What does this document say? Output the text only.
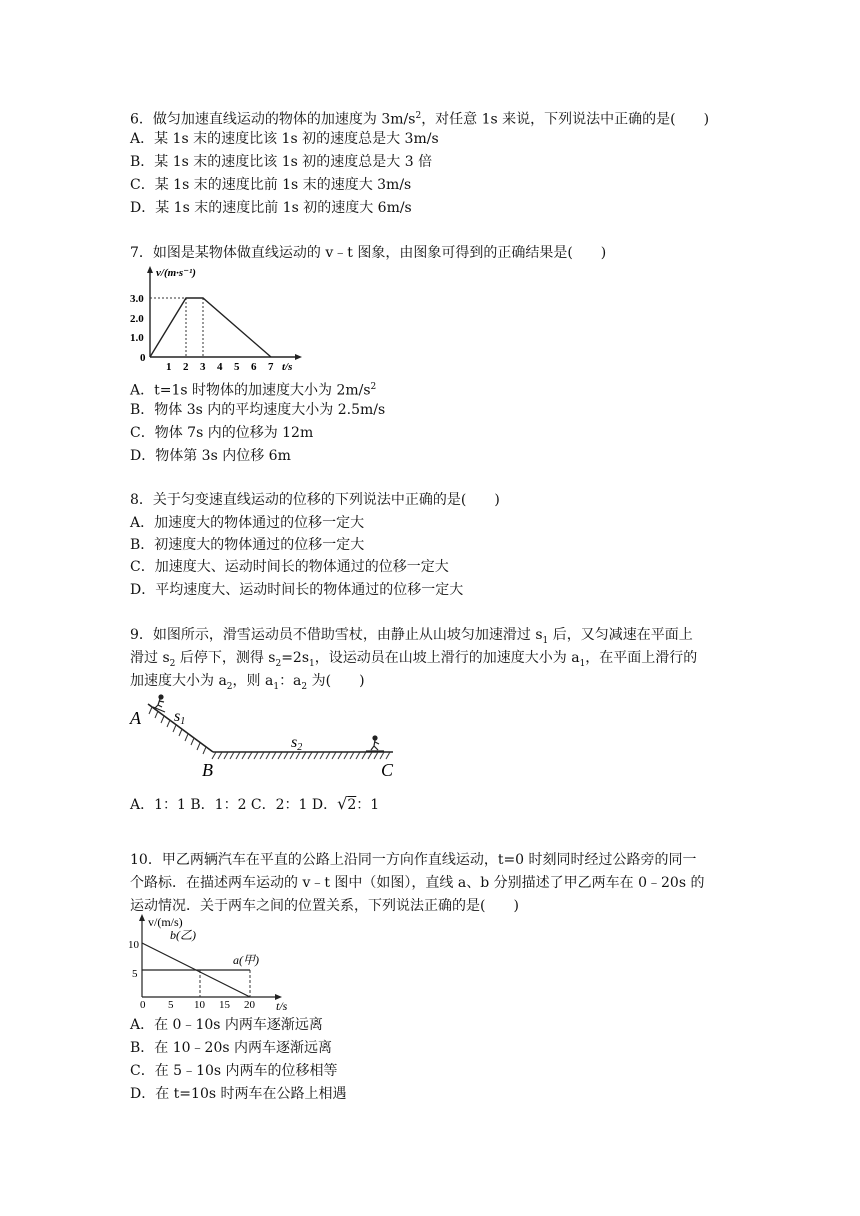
6．做匀加速直线运动的物体的加速度为 $3m/s^2$，对任意 1s 来说，下列说法中正确的是(　　)
A．某 1s 末的速度比该 1s 初的速度总是大 3m/s
B．某 1s 末的速度比该 1s 初的速度总是大 3 倍
C．某 1s 末的速度比前 1s 末的速度大 3m/s
D．某 1s 末的速度比前 1s 初的速度大 6m/s
7．如图是某物体做直线运动的 v﹣t 图象，由图象可得到的正确结果是(　　)
v/(m·s⁻¹)
t/s
3.0
2.0
1.0
0
1 2 3 4 5 6 7
A．t=1s 时物体的加速度大小为 $2m/s^2$
B．物体 3s 内的平均速度大小为 2.5m/s
C．物体 7s 内的位移为 12m
D．物体第 3s 内位移 6m
8．关于匀变速直线运动的位移的下列说法中正确的是(　　)
A．加速度大的物体通过的位移一定大
B．初速度大的物体通过的位移一定大
C．加速度大、运动时间长的物体通过的位移一定大
D．平均速度大、运动时间长的物体通过的位移一定大
9．如图所示，滑雪运动员不借助雪杖，由静止从山坡匀加速滑过 $s_1$ 后，又匀减速在平面上
滑过 $s_2$ 后停下，测得 $s_2=2s_1$，设运动员在山坡上滑行的加速度大小为 $a_1$，在平面上滑行的
加速度大小为 $a_2$，则 $a_1$：$a_2$ 为(　　)
A
B	C
s1
s2
A．1：1 B．1：2 C．2：1 D．√2：1
10．甲乙两辆汽车在平直的公路上沿同一方向作直线运动，t=0 时刻同时经过公路旁的同一
个路标．在描述两车运动的 v﹣t 图中（如图），直线 a、b 分别描述了甲乙两车在 0﹣20s 的
运动情况．关于两车之间的位置关系，下列说法正确的是(　　)
v/(m/s)
t/s
10
5
0 5 10 15 20
a(甲)
b(乙)
A．在 0﹣10s 内两车逐渐远离
B．在 10﹣20s 内两车逐渐远离
C．在 5﹣10s 内两车的位移相等
D．在 t=10s 时两车在公路上相遇
